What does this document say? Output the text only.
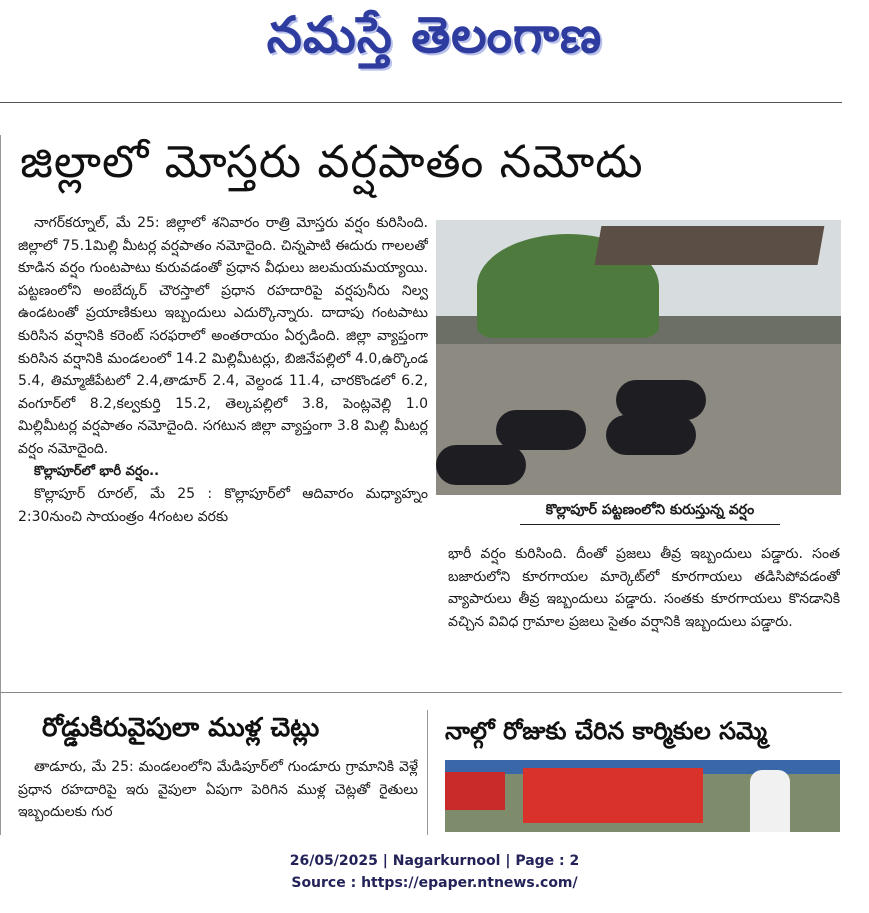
నమస్తే తెలంగాణ
జిల్లాలో మోస్తరు వర్షపాతం నమోదు

నాగర్‌కర్నూల్, మే 25: జిల్లాలో శనివారం రాత్రి మోస్తరు వర్షం కురిసింది. జిల్లాలో 75.1మిల్లి మీటర్ల వర్షపాతం నమోదైంది. చిన్నపాటి ఈదురు గాలలతో కూడిన వర్షం గుంటపాటు కురువడంతో ప్రధాన వీధులు జలమయమయ్యాయి. పట్టణంలోని అంబేద్కర్ చౌరస్తాలో ప్రధాన రహదారిపై వర్షపునీరు నిల్వ ఉండటంతో ప్రయాణికులు ఇబ్బందులు ఎదుర్కొన్నారు. దాదాపు గంటపాటు కురిసిన వర్షానికి కరెంట్ సరఫరాలో అంతరాయం ఏర్పడింది. జిల్లా వ్యాప్తంగా కురిసిన వర్షానికి మండలంలో 14.2 మిల్లిమీటర్లు, బిజినేపల్లిలో 4.0,ఉర్కొండ 5.4, తిమ్మాజీపేటలో 2.4,తాడూర్ 2.4, వెల్దండ 11.4, చారకొండలో 6.2, వంగూర్‌లో 8.2,కల్వకుర్తి 15.2, తెల్కపల్లిలో 3.8, పెంట్లవెల్లి 1.0 మిల్లిమీటర్ల వర్షపాతం నమోదైంది. సగటున జిల్లా వ్యాప్తంగా 3.8 మిల్లి మీటర్ల వర్షం నమోదైంది.

కొల్లాపూర్‌లో భారీ వర్షం..

కొల్లాపూర్ రూరల్, మే 25 : కొల్లాపూర్‌లో ఆదివారం మధ్యాహ్నం 2:30నుంచి సాయంత్రం 4గంటల వరకు	కొల్లాపూర్ పట్టణంలోని కురుస్తున్న వర్షం

భారీ వర్షం కురిసింది. దీంతో ప్రజలు తీవ్ర ఇబ్బందులు పడ్డారు. సంత బజారులోని కూరగాయల మార్కెట్‌లో కూరగాయలు తడిసిపోవడంతో వ్యాపారులు తీవ్ర ఇబ్బందులు పడ్డారు. సంతకు కూరగాయలు కొనడానికి వచ్చిన వివిధ గ్రామాల ప్రజలు సైతం వర్షానికి ఇబ్బందులు పడ్డారు.

రోడ్డుకిరువైపులా ముళ్ల చెట్లు

తాడూరు, మే 25: మండలంలోని మేడిపూర్‌లో గుండూరు గ్రామానికి వెళ్లే ప్రధాన రహదారిపై ఇరు వైపులా ఏపుగా పెరిగిన ముళ్ల చెట్లతో రైతులు ఇబ్బందులకు గుర

నాల్గో రోజుకు చేరిన కార్మికుల సమ్మె
26/05/2025 | Nagarkurnool | Page : 2
Source : https://epaper.ntnews.com/
